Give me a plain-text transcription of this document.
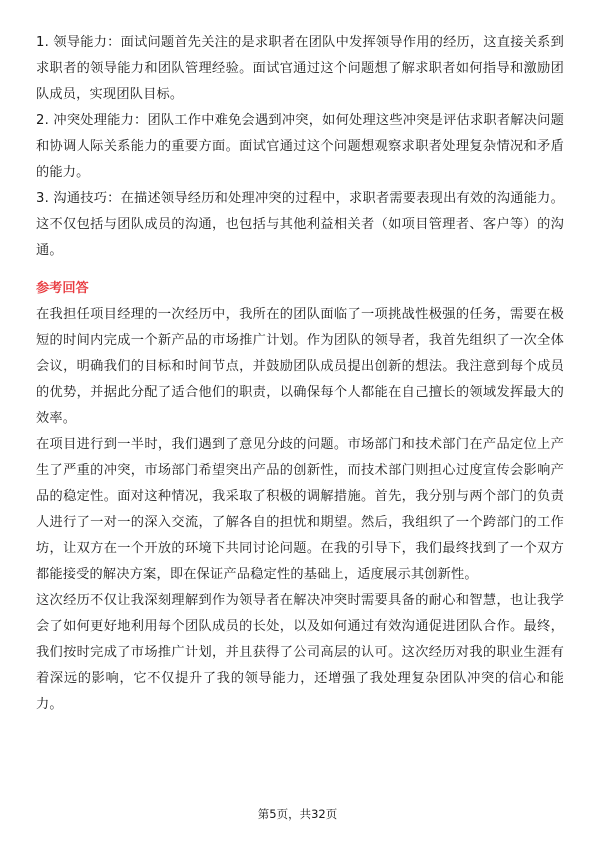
1. 领导能力：面试问题首先关注的是求职者在团队中发挥领导作用的经历，这直接关系到求职者的领导能力和团队管理经验。面试官通过这个问题想了解求职者如何指导和激励团队成员，实现团队目标。

2. 冲突处理能力：团队工作中难免会遇到冲突，如何处理这些冲突是评估求职者解决问题和协调人际关系能力的重要方面。面试官通过这个问题想观察求职者处理复杂情况和矛盾的能力。

3. 沟通技巧：在描述领导经历和处理冲突的过程中，求职者需要表现出有效的沟通能力。这不仅包括与团队成员的沟通，也包括与其他利益相关者（如项目管理者、客户等）的沟通。

参考回答

在我担任项目经理的一次经历中，我所在的团队面临了一项挑战性极强的任务，需要在极短的时间内完成一个新产品的市场推广计划。作为团队的领导者，我首先组织了一次全体会议，明确我们的目标和时间节点，并鼓励团队成员提出创新的想法。我注意到每个成员的优势，并据此分配了适合他们的职责，以确保每个人都能在自己擅长的领域发挥最大的效率。

在项目进行到一半时，我们遇到了意见分歧的问题。市场部门和技术部门在产品定位上产生了严重的冲突，市场部门希望突出产品的创新性，而技术部门则担心过度宣传会影响产品的稳定性。面对这种情况，我采取了积极的调解措施。首先，我分别与两个部门的负责人进行了一对一的深入交流，了解各自的担忧和期望。然后，我组织了一个跨部门的工作坊，让双方在一个开放的环境下共同讨论问题。在我的引导下，我们最终找到了一个双方都能接受的解决方案，即在保证产品稳定性的基础上，适度展示其创新性。

这次经历不仅让我深刻理解到作为领导者在解决冲突时需要具备的耐心和智慧，也让我学会了如何更好地利用每个团队成员的长处，以及如何通过有效沟通促进团队合作。最终，我们按时完成了市场推广计划，并且获得了公司高层的认可。这次经历对我的职业生涯有着深远的影响，它不仅提升了我的领导能力，还增强了我处理复杂团队冲突的信心和能力。

第5页，共32页
